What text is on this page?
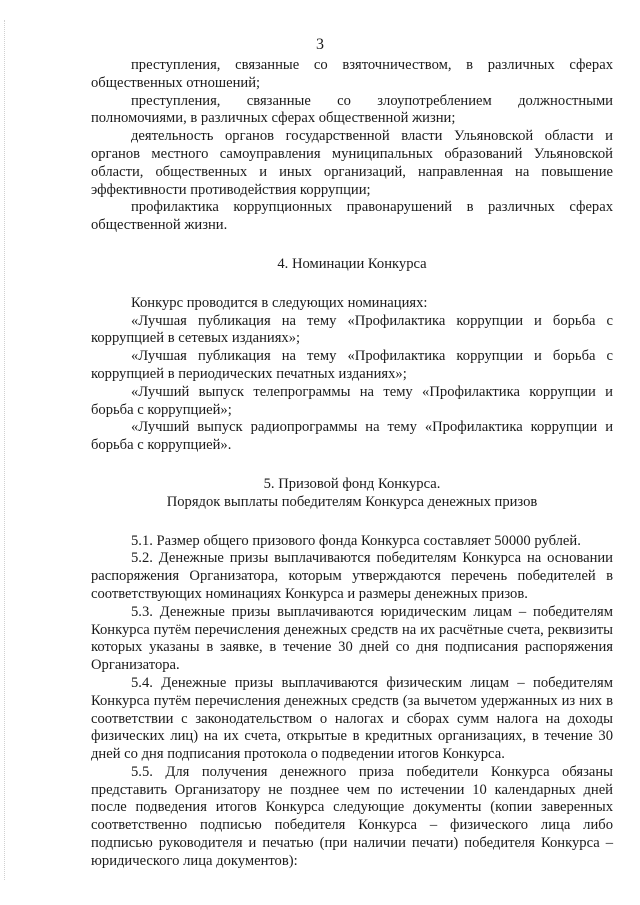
3

преступления, связанные со взяточничеством, в различных сферах общественных отношений;

преступления, связанные со злоупотреблением должностными полномочиями, в различных сферах общественной жизни;

деятельность органов государственной власти Ульяновской области и органов местного самоуправления муниципальных образований Ульяновской области, общественных и иных организаций, направленная на повышение эффективности противодействия коррупции;

профилактика коррупционных правонарушений в различных сферах общественной жизни.

4. Номинации Конкурса

Конкурс проводится в следующих номинациях:

«Лучшая публикация на тему «Профилактика коррупции и борьба с коррупцией в сетевых изданиях»;

«Лучшая публикация на тему «Профилактика коррупции и борьба с коррупцией в периодических печатных изданиях»;

«Лучший выпуск телепрограммы на тему «Профилактика коррупции и борьба с коррупцией»;

«Лучший выпуск радиопрограммы на тему «Профилактика коррупции и борьба с коррупцией».

5. Призовой фонд Конкурса.

Порядок выплаты победителям Конкурса денежных призов

5.1. Размер общего призового фонда Конкурса составляет 50000 рублей.

5.2. Денежные призы выплачиваются победителям Конкурса на основании распоряжения Организатора, которым утверждаются перечень победителей в соответствующих номинациях Конкурса и размеры денежных призов.

5.3. Денежные призы выплачиваются юридическим лицам – победителям Конкурса путём перечисления денежных средств на их расчётные счета, реквизиты которых указаны в заявке, в течение 30 дней со дня подписания распоряжения Организатора.

5.4. Денежные призы выплачиваются физическим лицам – победителям Конкурса путём перечисления денежных средств (за вычетом удержанных из них в соответствии с законодательством о налогах и сборах сумм налога на доходы физических лиц) на их счета, открытые в кредитных организациях, в течение 30 дней со дня подписания протокола о подведении итогов Конкурса.

5.5. Для получения денежного приза победители Конкурса обязаны представить Организатору не позднее чем по истечении 10 календарных дней после подведения итогов Конкурса следующие документы (копии заверенных соответственно подписью победителя Конкурса – физического лица либо подписью руководителя и печатью (при наличии печати) победителя Конкурса – юридического лица документов):
